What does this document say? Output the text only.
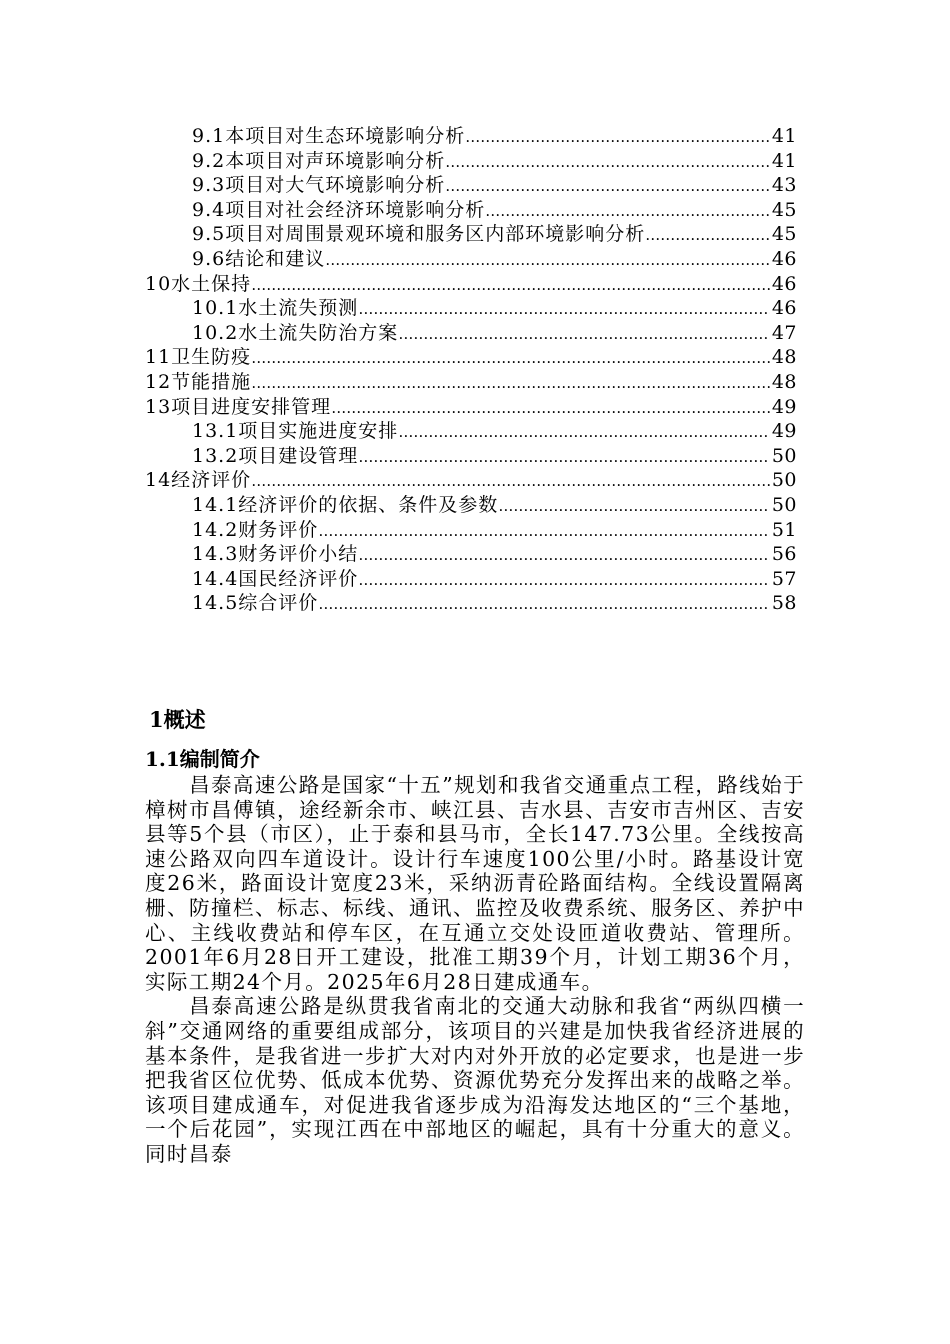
9.1本项目对生态环境影响分析 …………………………………………………………………………………………………………………………………………	41
9.2本项目对声环境影响分析 …………………………………………………………………………………………………………………………………………	41
9.3项目对大气环境影响分析 …………………………………………………………………………………………………………………………………………	43
9.4项目对社会经济环境影响分析 …………………………………………………………………………………………………………………………………………	45
9.5项目对周围景观环境和服务区内部环境影响分析 …………………………………………………………………………………………………………………………………………	45
9.6结论和建议 …………………………………………………………………………………………………………………………………………	46
10水土保持 …………………………………………………………………………………………………………………………………………	46
10.1水土流失预测 …………………………………………………………………………………………………………………………………………	46
10.2水土流失防治方案 …………………………………………………………………………………………………………………………………………	47
11卫生防疫 …………………………………………………………………………………………………………………………………………	48
12节能措施 …………………………………………………………………………………………………………………………………………	48
13项目进度安排管理 …………………………………………………………………………………………………………………………………………	49
13.1项目实施进度安排 …………………………………………………………………………………………………………………………………………	49
13.2项目建设管理 …………………………………………………………………………………………………………………………………………	50
14经济评价 …………………………………………………………………………………………………………………………………………	50
14.1经济评价的依据、条件及参数 …………………………………………………………………………………………………………………………………………	50
14.2财务评价 …………………………………………………………………………………………………………………………………………	51
14.3财务评价小结 …………………………………………………………………………………………………………………………………………	56
14.4国民经济评价 …………………………………………………………………………………………………………………………………………	57
14.5综合评价 …………………………………………………………………………………………………………………………………………	58
1概述
1.1编制简介

昌泰高速公路是国家“十五”规划和我省交通重点工程，路线始于樟树市昌傅镇，途经新余市、峡江县、吉水县、吉安市吉州区、吉安县等5个县（市区），止于泰和县马市，全长147.73公里。全线按高速公路双向四车道设计。设计行车速度100公里/小时。路基设计宽度26米，路面设计宽度23米，采纳沥青砼路面结构。全线设置隔离栅、防撞栏、标志、标线、通讯、监控及收费系统、服务区、养护中心、主线收费站和停车区，在互通立交处设匝道收费站、管理所。2001年6月28日开工建设，批准工期39个月，计划工期36个月，实际工期24个月。2025年6月28日建成通车。

昌泰高速公路是纵贯我省南北的交通大动脉和我省“两纵四横一斜”交通网络的重要组成部分，该项目的兴建是加快我省经济进展的基本条件，是我省进一步扩大对内对外开放的必定要求，也是进一步把我省区位优势、低成本优势、资源优势充分发挥出来的战略之举。该项目建成通车，对促进我省逐步成为沿海发达地区的“三个基地，一个后花园”，实现江西在中部地区的崛起，具有十分重大的意义。同时昌泰
